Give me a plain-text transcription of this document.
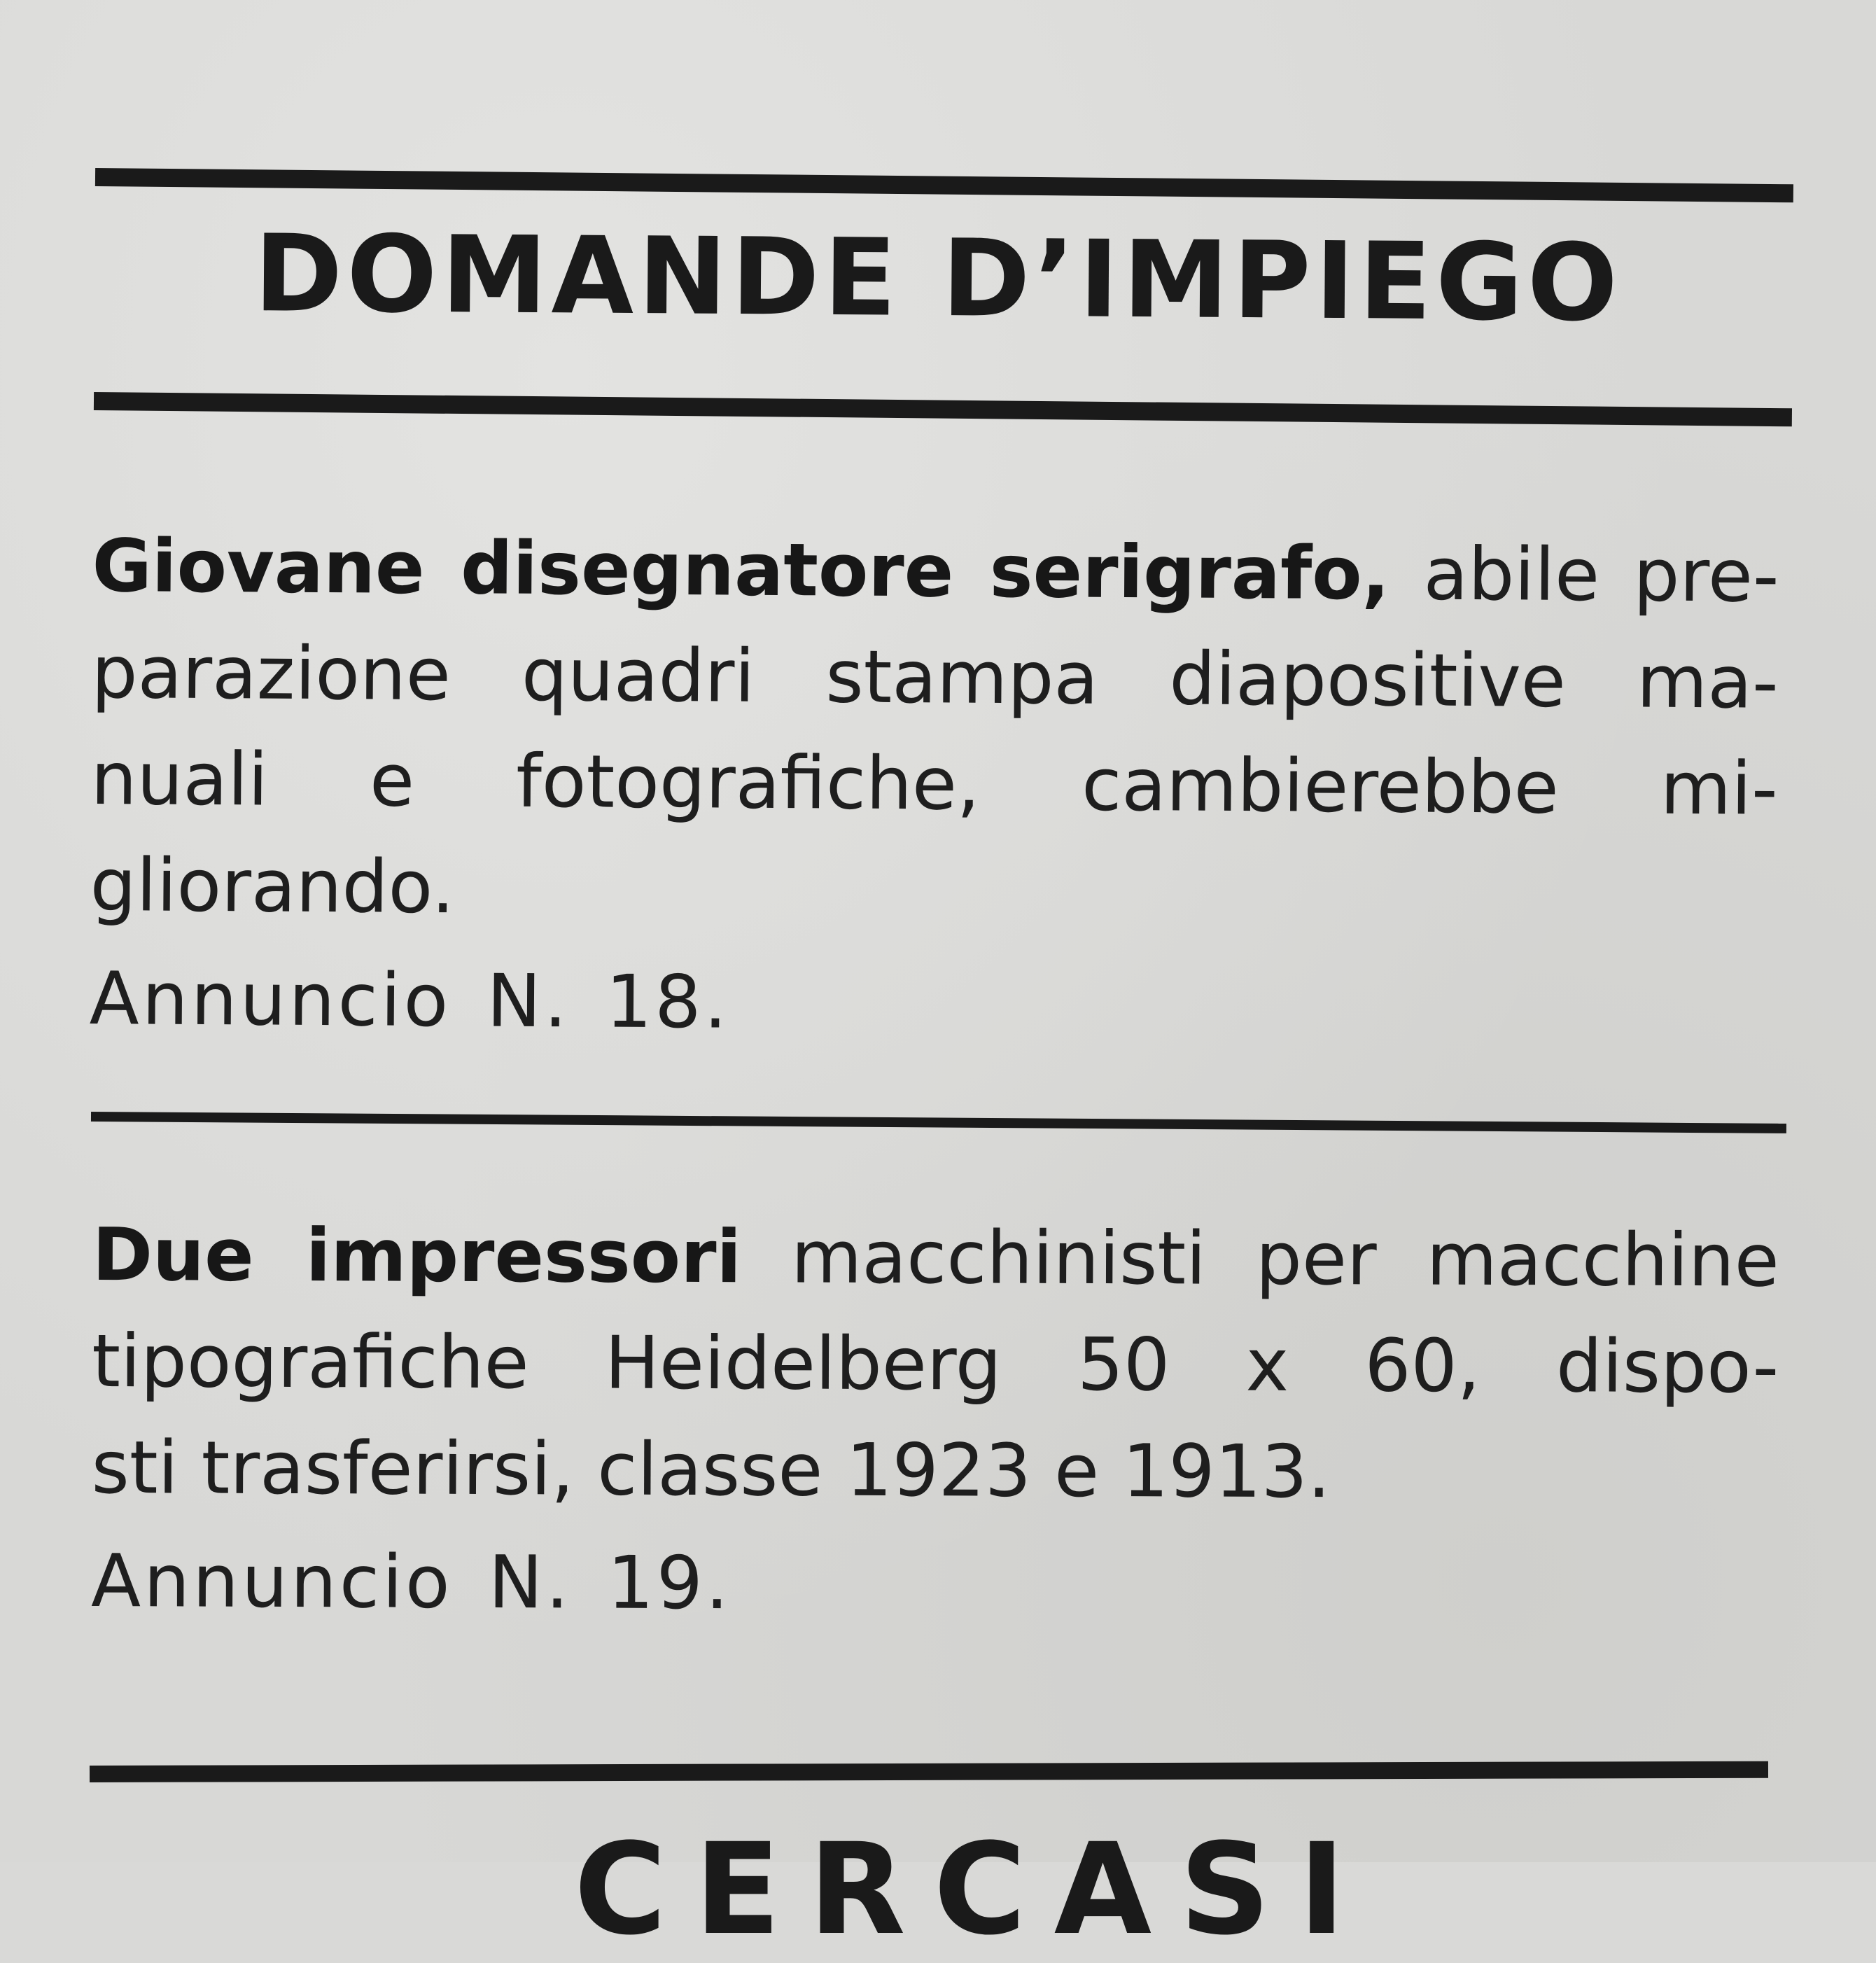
DOMANDE D’IMPIEGO
Giovane disegnatore serigrafo, abile pre-
parazione quadri stampa diapositive ma-
nuali e fotografiche, cambierebbe mi-
gliorando.
Annuncio N. 18.
Due impressori macchinisti per macchine
tipografiche Heidelberg 50 x 60, dispo-
sti trasferirsi, classe 1923 e 1913.
Annuncio N. 19.
CERCASI
